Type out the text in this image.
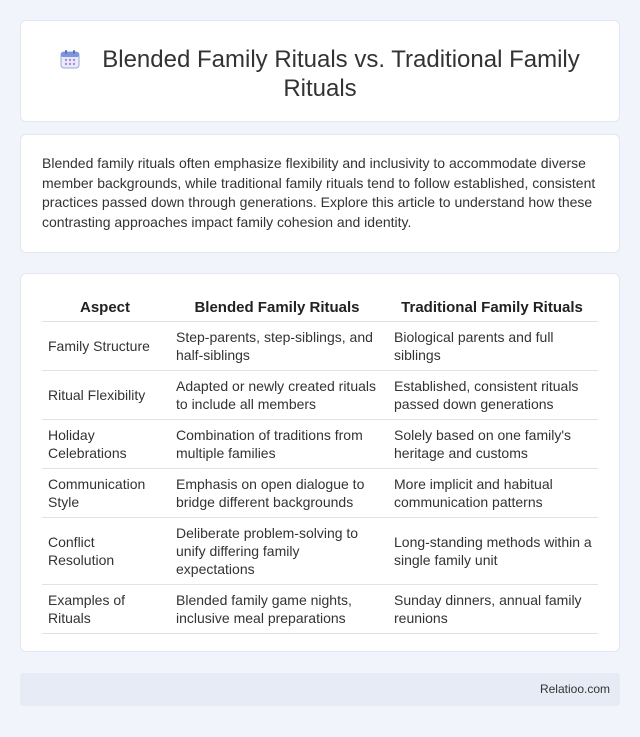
Blended Family Rituals vs. Traditional Family Rituals

Blended family rituals often emphasize flexibility and inclusivity to accommodate diverse member backgrounds, while traditional family rituals tend to follow established, consistent practices passed down through generations. Explore this article to understand how these contrasting approaches impact family cohesion and identity.

Aspect	Blended Family Rituals	Traditional Family Rituals
Family Structure	Step-parents, step-siblings, and half-siblings	Biological parents and full siblings
Ritual Flexibility	Adapted or newly created rituals to include all members	Established, consistent rituals passed down generations
Holiday Celebrations	Combination of traditions from multiple families	Solely based on one family's heritage and customs
Communication Style	Emphasis on open dialogue to bridge different backgrounds	More implicit and habitual communication patterns
Conflict Resolution	Deliberate problem-solving to unify differing family expectations	Long-standing methods within a single family unit
Examples of Rituals	Blended family game nights, inclusive meal preparations	Sunday dinners, annual family reunions
Relatioo.com
